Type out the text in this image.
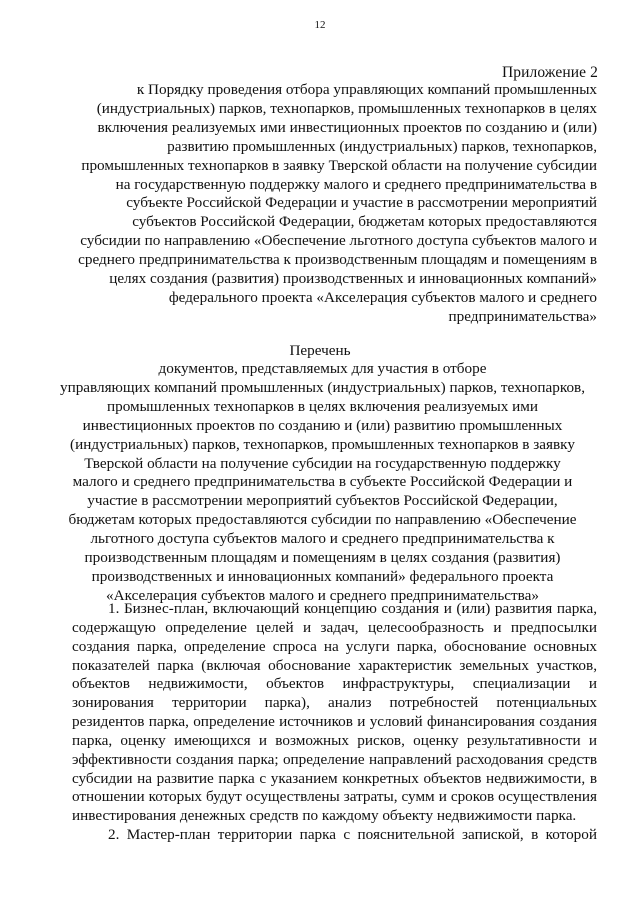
12
Приложение 2
к Порядку проведения отбора управляющих компаний промышленных
(индустриальных) парков, технопарков, промышленных технопарков в целях
включения реализуемых ими инвестиционных проектов по созданию и (или)
развитию промышленных (индустриальных) парков, технопарков,
промышленных технопарков в заявку Тверской области на получение субсидии
на государственную поддержку малого и среднего предпринимательства в
субъекте Российской Федерации и участие в рассмотрении мероприятий
субъектов Российской Федерации, бюджетам которых предоставляются
субсидии по направлению «Обеспечение льготного доступа субъектов малого и
среднего предпринимательства к производственным площадям и помещениям в
целях создания (развития) производственных и инновационных компаний»
федерального проекта «Акселерация субъектов малого и среднего
предпринимательства»
Перечень
документов, представляемых для участия в отборе
управляющих компаний промышленных (индустриальных) парков, технопарков,
промышленных технопарков в целях включения реализуемых ими
инвестиционных проектов по созданию и (или) развитию промышленных
(индустриальных) парков, технопарков, промышленных технопарков в заявку
Тверской области на получение субсидии на государственную поддержку
малого и среднего предпринимательства в субъекте Российской Федерации и
участие в рассмотрении мероприятий субъектов Российской Федерации,
бюджетам которых предоставляются субсидии по направлению «Обеспечение
льготного доступа субъектов малого и среднего предпринимательства к
производственным площадям и помещениям в целях создания (развития)
производственных и инновационных компаний» федерального проекта
«Акселерация субъектов малого и среднего предпринимательства»
1. Бизнес-план, включающий концепцию создания и (или) развития парка,
содержащую определение целей и задач, целесообразность и предпосылки
создания парка, определение спроса на услуги парка, обоснование основных
показателей парка (включая обоснование характеристик земельных участков,
объектов недвижимости, объектов инфраструктуры, специализации и
зонирования территории парка), анализ потребностей потенциальных
резидентов парка, определение источников и условий финансирования создания
парка, оценку имеющихся и возможных рисков, оценку результативности и
эффективности создания парка; определение направлений расходования средств
субсидии на развитие парка с указанием конкретных объектов недвижимости, в
отношении которых будут осуществлены затраты, сумм и сроков осуществления
инвестирования денежных средств по каждому объекту недвижимости парка.
2. Мастер-план территории парка с пояснительной запиской, в которой
